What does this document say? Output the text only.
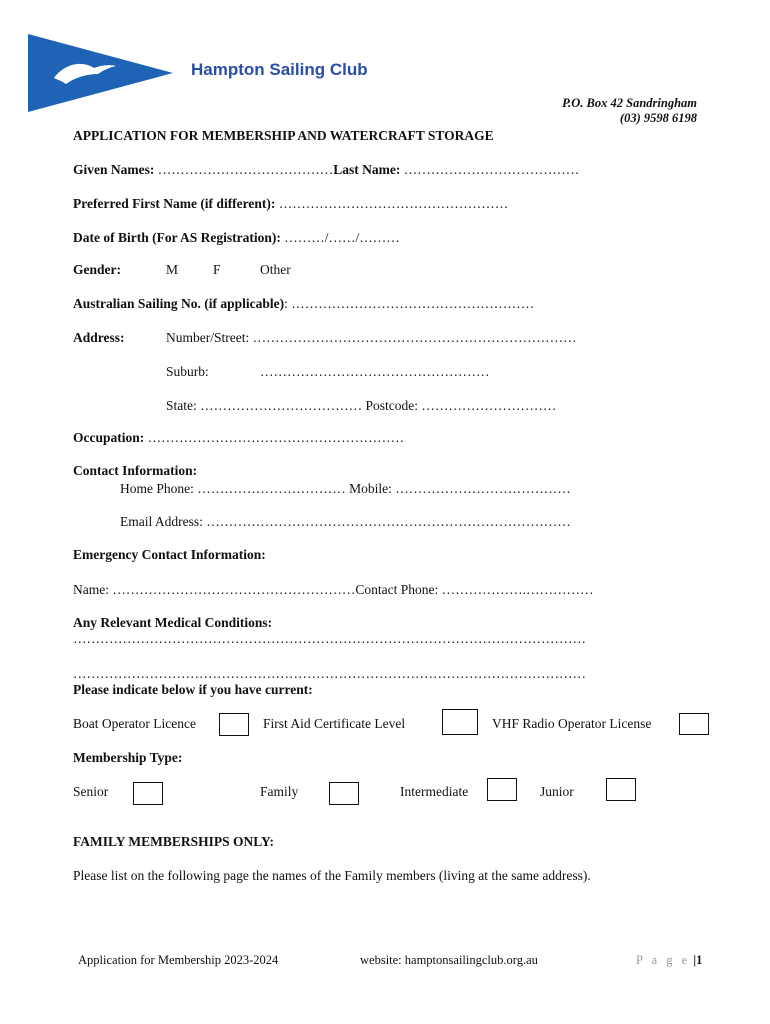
Hampton Sailing Club
P.O. Box 42 Sandringham
(03) 9598 6198
APPLICATION FOR MEMBERSHIP AND WATERCRAFT STORAGE
Given Names: …………………………………Last Name: …………………………………
Preferred First Name (if different): ……………………………………………
Date of Birth (For AS Registration): ………/……/………
Gender:	M	F	Other
Australian Sailing No. (if applicable): ………………………………………………
Address:	Number/Street: ………………………………………………………………
Suburb:	……………………………………………
State: ……………………………… Postcode: …………………………
Occupation: …………………………………………………
Contact Information:
Home Phone: …………………………… Mobile: …………………………………
Email Address: ………………………………………………………………………
Emergency Contact Information:
Name: ………………………………………………Contact Phone: ……………….……………
Any Relevant Medical Conditions:
……………………………………………………………………………………………………
……………………………………………………………………………………………………
Please indicate below if you have current:
Boat Operator Licence	First Aid Certificate Level	VHF Radio Operator License
Membership Type:
Senior	Family	Intermediate	Junior
FAMILY MEMBERSHIPS ONLY:
Please list on the following page the names of the Family members (living at the same address).
Application for Membership 2023-2024	website: hamptonsailingclub.org.au	P a g e |1
